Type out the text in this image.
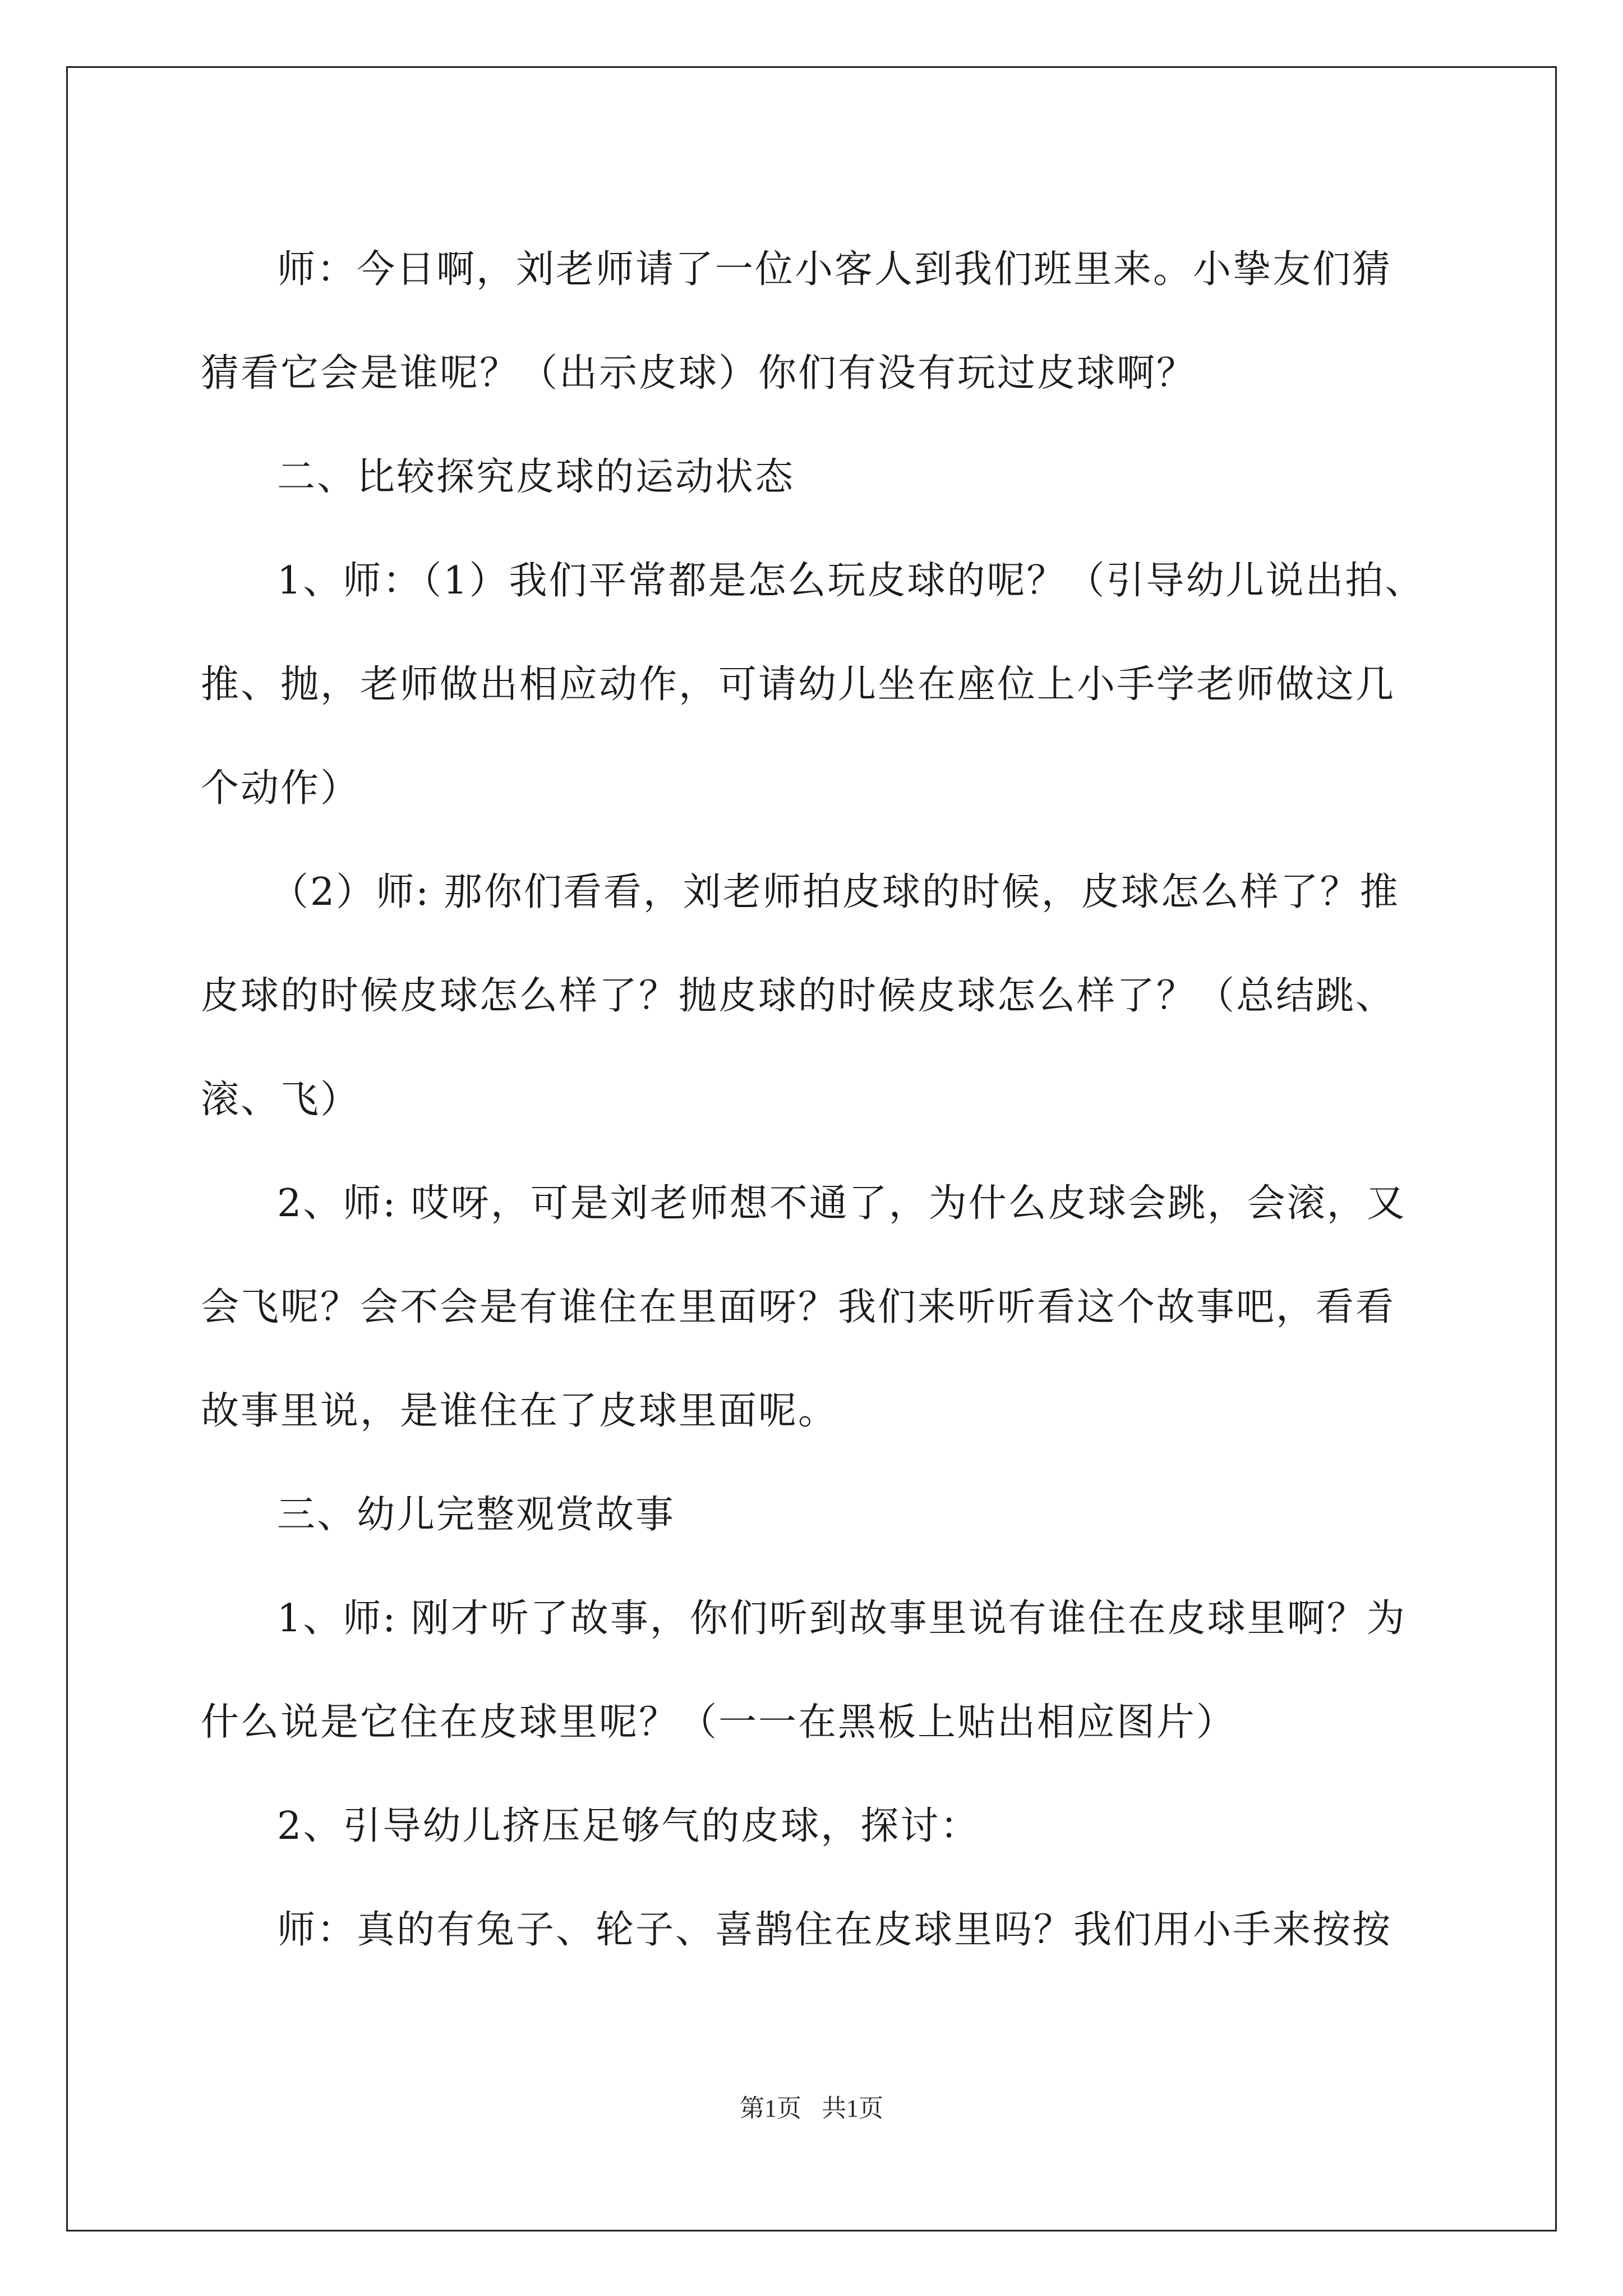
师：今日啊，刘老师请了一位小客人到我们班里来。小挚友们猜

猜看它会是谁呢？（出示皮球）你们有没有玩过皮球啊？

二、比较探究皮球的运动状态

1、师：（1）我们平常都是怎么玩皮球的呢？（引导幼儿说出拍、

推、抛，老师做出相应动作，可请幼儿坐在座位上小手学老师做这几

个动作）

（2）师: 那你们看看，刘老师拍皮球的时候，皮球怎么样了？推

皮球的时候皮球怎么样了？抛皮球的时候皮球怎么样了？（总结跳、

滚、飞）

2、师: 哎呀，可是刘老师想不通了，为什么皮球会跳，会滚，又

会飞呢？会不会是有谁住在里面呀？我们来听听看这个故事吧，看看

故事里说，是谁住在了皮球里面呢。

三、幼儿完整观赏故事

1、师: 刚才听了故事，你们听到故事里说有谁住在皮球里啊？为

什么说是它住在皮球里呢？（一一在黑板上贴出相应图片）

2、引导幼儿挤压足够气的皮球，探讨：

师：真的有兔子、轮子、喜鹊住在皮球里吗？我们用小手来按按

第1页 共1页
